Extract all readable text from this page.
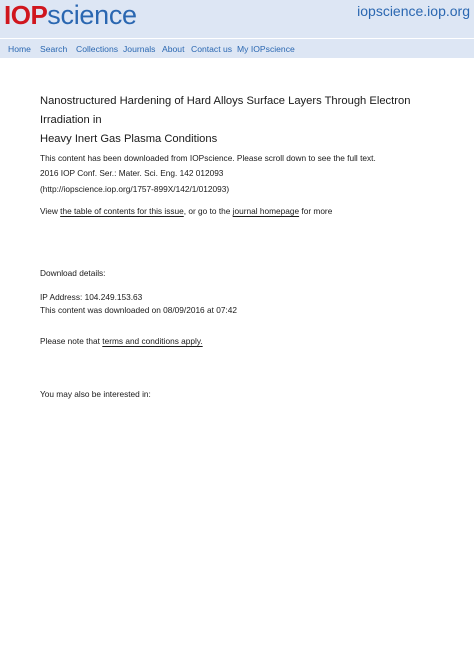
IOP science	iopscience.iop.org
Home Search Collections Journals About Contact us My IOPscience
Nanostructured Hardening of Hard Alloys Surface Layers Through Electron Irradiation in
Heavy Inert Gas Plasma Conditions
This content has been downloaded from IOPscience. Please scroll down to see the full text.
2016 IOP Conf. Ser.: Mater. Sci. Eng. 142 012093
(http://iopscience.iop.org/1757-899X/142/1/012093)
View the table of contents for this issue, or go to the journal homepage for more
Download details:
IP Address: 104.249.153.63
This content was downloaded on 08/09/2016 at 07:42
Please note that terms and conditions apply.
You may also be interested in:
